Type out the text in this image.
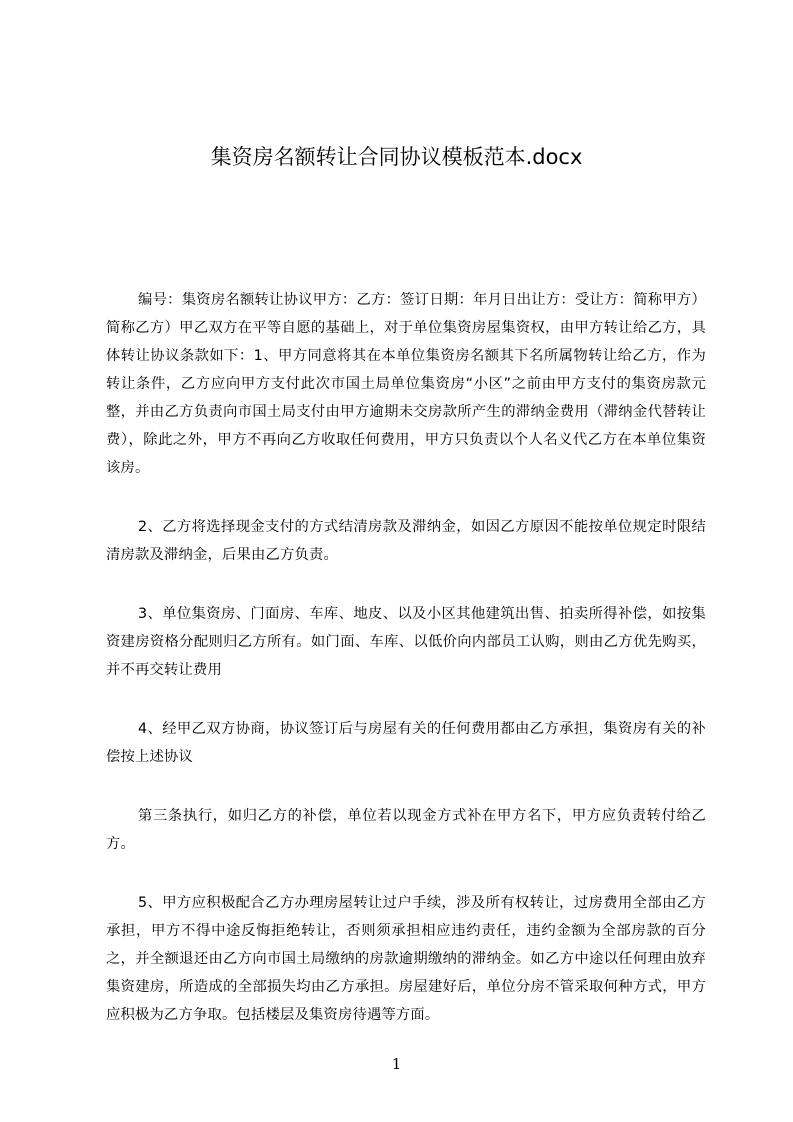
集资房名额转让合同协议模板范本.docx

编号：集资房名额转让协议甲方：乙方：签订日期：年月日出让方：受让方：简称甲方）简称乙方）甲乙双方在平等自愿的基础上，对于单位集资房屋集资权，由甲方转让给乙方，具体转让协议条款如下：1、甲方同意将其在本单位集资房名额其下名所属物转让给乙方，作为转让条件，乙方应向甲方支付此次市国土局单位集资房“小区”之前由甲方支付的集资房款元整，并由乙方负责向市国土局支付由甲方逾期未交房款所产生的滞纳金费用（滞纳金代替转让费），除此之外，甲方不再向乙方收取任何费用，甲方只负责以个人名义代乙方在本单位集资该房。

2、乙方将选择现金支付的方式结清房款及滞纳金，如因乙方原因不能按单位规定时限结清房款及滞纳金，后果由乙方负责。

3、单位集资房、门面房、车库、地皮、以及小区其他建筑出售、拍卖所得补偿，如按集资建房资格分配则归乙方所有。如门面、车库、以低价向内部员工认购，则由乙方优先购买，并不再交转让费用

4、经甲乙双方协商，协议签订后与房屋有关的任何费用都由乙方承担，集资房有关的补偿按上述协议

第三条执行，如归乙方的补偿，单位若以现金方式补在甲方名下，甲方应负责转付给乙方。

5、甲方应积极配合乙方办理房屋转让过户手续，涉及所有权转让，过房费用全部由乙方承担，甲方不得中途反悔拒绝转让，否则须承担相应违约责任，违约金额为全部房款的百分之，并全额退还由乙方向市国土局缴纳的房款逾期缴纳的滞纳金。如乙方中途以任何理由放弃集资建房，所造成的全部损失均由乙方承担。房屋建好后，单位分房不管采取何种方式，甲方应积极为乙方争取。包括楼层及集资房待遇等方面。

1
